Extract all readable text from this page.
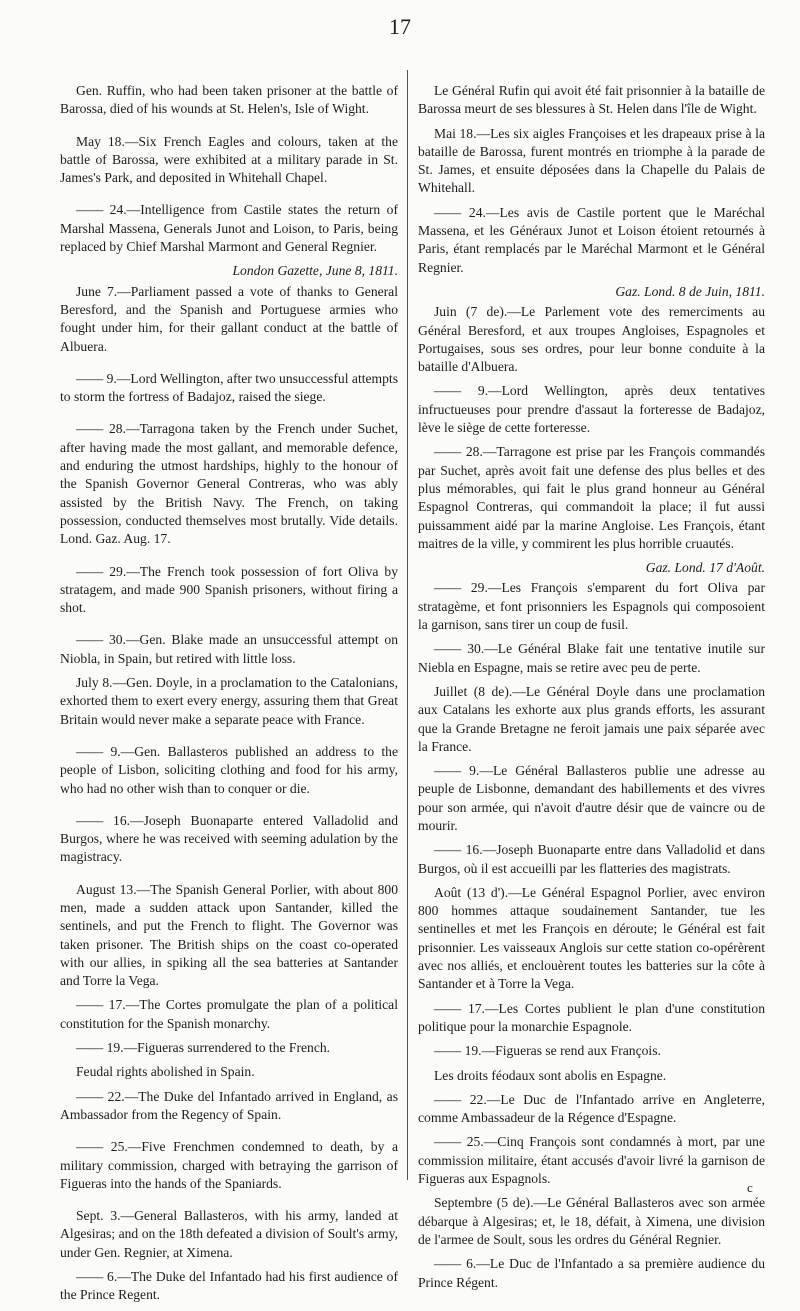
17

Gen. Ruffin, who had been taken prisoner at the battle of Barossa, died of his wounds at St. Helen's, Isle of Wight.

May 18.—Six French Eagles and colours, taken at the battle of Barossa, were exhibited at a military parade in St. James's Park, and deposited in Whitehall Chapel.

—— 24.—Intelligence from Castile states the return of Marshal Massena, Generals Junot and Loison, to Paris, being replaced by Chief Marshal Marmont and General Regnier.

London Gazette, June 8, 1811.

June 7.—Parliament passed a vote of thanks to General Beresford, and the Spanish and Portuguese armies who fought under him, for their gallant conduct at the battle of Albuera.

—— 9.—Lord Wellington, after two unsuccessful attempts to storm the fortress of Badajoz, raised the siege.

—— 28.—Tarragona taken by the French under Suchet, after having made the most gallant, and memorable defence, and enduring the utmost hardships, highly to the honour of the Spanish Governor General Contreras, who was ably assisted by the British Navy. The French, on taking possession, conducted themselves most brutally. Vide details. Lond. Gaz. Aug. 17.

—— 29.—The French took possession of fort Oliva by stratagem, and made 900 Spanish prisoners, without firing a shot.

—— 30.—Gen. Blake made an unsuccessful attempt on Niobla, in Spain, but retired with little loss.

July 8.—Gen. Doyle, in a proclamation to the Catalonians, exhorted them to exert every energy, assuring them that Great Britain would never make a separate peace with France.

—— 9.—Gen. Ballasteros published an address to the people of Lisbon, soliciting clothing and food for his army, who had no other wish than to conquer or die.

—— 16.—Joseph Buonaparte entered Valladolid and Burgos, where he was received with seeming adulation by the magistracy.

August 13.—The Spanish General Porlier, with about 800 men, made a sudden attack upon Santander, killed the sentinels, and put the French to flight. The Governor was taken prisoner. The British ships on the coast co-operated with our allies, in spiking all the sea batteries at Santander and Torre la Vega.

—— 17.—The Cortes promulgate the plan of a political constitution for the Spanish monarchy.

—— 19.—Figueras surrendered to the French.

Feudal rights abolished in Spain.

—— 22.—The Duke del Infantado arrived in England, as Ambassador from the Regency of Spain.

—— 25.—Five Frenchmen condemned to death, by a military commission, charged with betraying the garrison of Figueras into the hands of the Spaniards.

Sept. 3.—General Ballasteros, with his army, landed at Algesiras; and on the 18th defeated a division of Soult's army, under Gen. Regnier, at Ximena.

—— 6.—The Duke del Infantado had his first audience of the Prince Regent.

Le Général Rufin qui avoit été fait prisonnier à la bataille de Barossa meurt de ses blessures à St. Helen dans l'île de Wight.

Mai 18.—Les six aigles Françoises et les drapeaux prise à la bataille de Barossa, furent montrés en triomphe à la parade de St. James, et ensuite déposées dans la Chapelle du Palais de Whitehall.

—— 24.—Les avis de Castile portent que le Maréchal Massena, et les Généraux Junot et Loison étoient retournés à Paris, étant remplacés par le Maréchal Marmont et le Général Regnier.

Gaz. Lond. 8 de Juin, 1811.

Juin (7 de).—Le Parlement vote des remerciments au Général Beresford, et aux troupes Angloises, Espagnoles et Portugaises, sous ses ordres, pour leur bonne conduite à la bataille d'Albuera.

—— 9.—Lord Wellington, après deux tentatives infructueuses pour prendre d'assaut la forteresse de Badajoz, lève le siège de cette forteresse.

—— 28.—Tarragone est prise par les François commandés par Suchet, après avoit fait une defense des plus belles et des plus mémorables, qui fait le plus grand honneur au Général Espagnol Contreras, qui commandoit la place; il fut aussi puissamment aidé par la marine Angloise. Les François, étant maitres de la ville, y commirent les plus horrible cruautés.

Gaz. Lond. 17 d'Août.

—— 29.—Les François s'emparent du fort Oliva par stratagème, et font prisonniers les Espagnols qui composoient la garnison, sans tirer un coup de fusil.

—— 30.—Le Général Blake fait une tentative inutile sur Niebla en Espagne, mais se retire avec peu de perte.

Juillet (8 de).—Le Général Doyle dans une proclamation aux Catalans les exhorte aux plus grands efforts, les assurant que la Grande Bretagne ne feroit jamais une paix séparée avec la France.

—— 9.—Le Général Ballasteros publie une adresse au peuple de Lisbonne, demandant des habillements et des vivres pour son armée, qui n'avoit d'autre désir que de vaincre ou de mourir.

—— 16.—Joseph Buonaparte entre dans Valladolid et dans Burgos, où il est accueilli par les flatteries des magistrats.

Août (13 d').—Le Général Espagnol Porlier, avec environ 800 hommes attaque soudainement Santander, tue les sentinelles et met les François en déroute; le Général est fait prisonnier. Les vaisseaux Anglois sur cette station co-opérèrent avec nos alliés, et enclouèrent toutes les batteries sur la côte à Santander et à Torre la Vega.

—— 17.—Les Cortes publient le plan d'une constitution politique pour la monarchie Espagnole.

—— 19.—Figueras se rend aux François.

Les droits féodaux sont abolis en Espagne.

—— 22.—Le Duc de l'Infantado arrive en Angleterre, comme Ambassadeur de la Régence d'Espagne.

—— 25.—Cinq François sont condamnés à mort, par une commission militaire, étant accusés d'avoir livré la garnison de Figueras aux Espagnols.

Septembre (5 de).—Le Général Ballasteros avec son armée débarque à Algesiras; et, le 18, défait, à Ximena, une division de l'armee de Soult, sous les ordres du Général Regnier.

—— 6.—Le Duc de l'Infantado a sa première audience du Prince Régent.

c
